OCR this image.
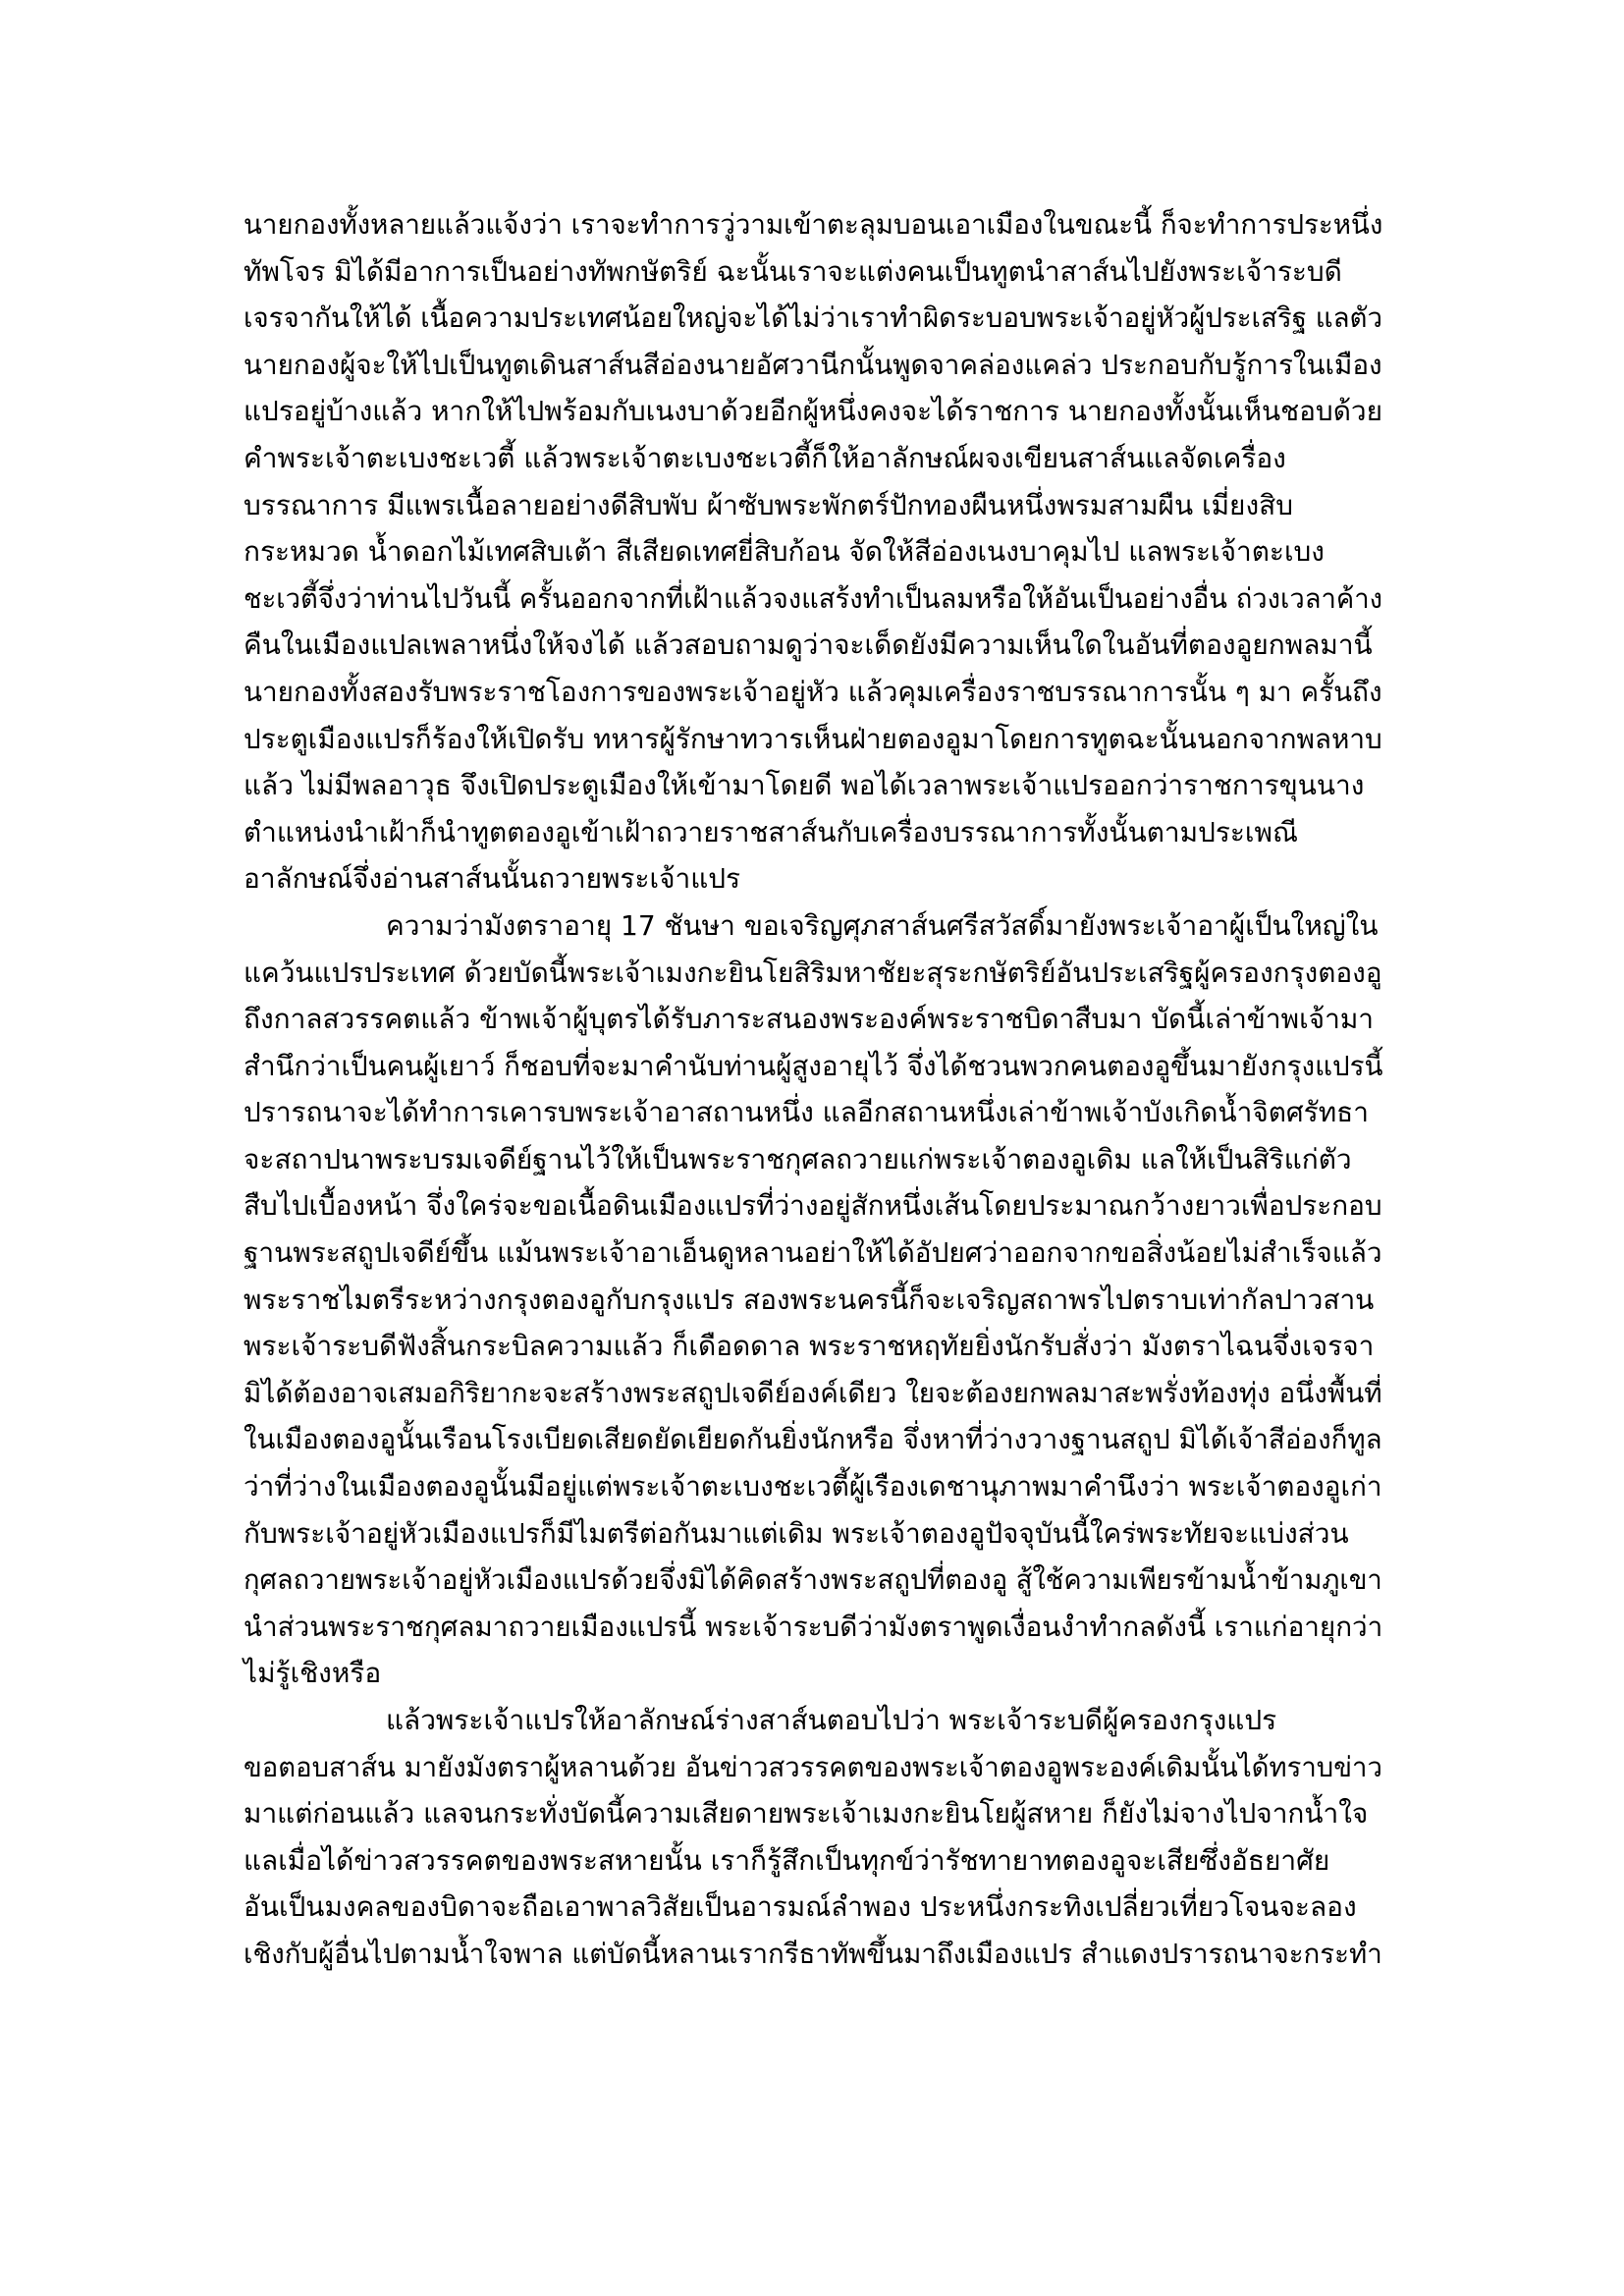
นายกองทั้งหลายแล้วแจ้งว่า เราจะทำการวู่วามเข้าตะลุมบอนเอาเมืองในขณะนี้ ก็จะทำการประหนึ่ง
ทัพโจร มิได้มีอาการเป็นอย่างทัพกษัตริย์ ฉะนั้นเราจะแต่งคนเป็นทูตนำสาส์นไปยังพระเจ้าระบดี
เจรจากันให้ได้ เนื้อความประเทศน้อยใหญ่จะได้ไม่ว่าเราทำผิดระบอบพระเจ้าอยู่หัวผู้ประเสริฐ แลตัว
นายกองผู้จะให้ไปเป็นทูตเดินสาส์นสีอ่องนายอัศวานีกนั้นพูดจาคล่องแคล่ว ประกอบกับรู้การในเมือง
แปรอยู่บ้างแล้ว หากให้ไปพร้อมกับเนงบาด้วยอีกผู้หนึ่งคงจะได้ราชการ นายกองทั้งนั้นเห็นชอบด้วย
คำพระเจ้าตะเบงชะเวตี้ แล้วพระเจ้าตะเบงชะเวตี้ก็ให้อาลักษณ์ผจงเขียนสาส์นแลจัดเครื่อง
บรรณาการ มีแพรเนื้อลายอย่างดีสิบพับ ผ้าซับพระพักตร์ปักทองผืนหนึ่งพรมสามผืน เมี่ยงสิบ
กระหมวด น้ำดอกไม้เทศสิบเต้า สีเสียดเทศยี่สิบก้อน จัดให้สีอ่องเนงบาคุมไป แลพระเจ้าตะเบง
ชะเวตี้จึ่งว่าท่านไปวันนี้ ครั้นออกจากที่เฝ้าแล้วจงแสร้งทำเป็นลมหรือให้อันเป็นอย่างอื่น ถ่วงเวลาค้าง
คืนในเมืองแปลเพลาหนึ่งให้จงได้ แล้วสอบถามดูว่าจะเด็ดยังมีความเห็นใดในอันที่ตองอูยกพลมานี้
นายกองทั้งสองรับพระราชโองการของพระเจ้าอยู่หัว แล้วคุมเครื่องราชบรรณาการนั้น ๆ มา ครั้นถึง
ประตูเมืองแปรก็ร้องให้เปิดรับ ทหารผู้รักษาทวารเห็นฝ่ายตองอูมาโดยการทูตฉะนั้นนอกจากพลหาบ
แล้ว ไม่มีพลอาวุธ จึงเปิดประตูเมืองให้เข้ามาโดยดี พอได้เวลาพระเจ้าแปรออกว่าราชการขุนนาง
ตำแหน่งนำเฝ้าก็นำทูตตองอูเข้าเฝ้าถวายราชสาส์นกับเครื่องบรรณาการทั้งนั้นตามประเพณี
อาลักษณ์จึ่งอ่านสาส์นนั้นถวายพระเจ้าแปร
ความว่ามังตราอายุ 17 ชันษา ขอเจริญศุภสาส์นศรีสวัสดิ์มายังพระเจ้าอาผู้เป็นใหญ่ใน
แคว้นแปรประเทศ ด้วยบัดนี้พระเจ้าเมงกะยินโยสิริมหาชัยะสุระกษัตริย์อันประเสริฐผู้ครองกรุงตองอู
ถึงกาลสวรรคตแล้ว ข้าพเจ้าผู้บุตรได้รับภาระสนองพระองค์พระราชบิดาสืบมา บัดนี้เล่าข้าพเจ้ามา
สำนึกว่าเป็นคนผู้เยาว์ ก็ชอบที่จะมาคำนับท่านผู้สูงอายุไว้ จึ่งได้ชวนพวกคนตองอูขึ้นมายังกรุงแปรนี้
ปรารถนาจะได้ทำการเคารบพระเจ้าอาสถานหนึ่ง แลอีกสถานหนึ่งเล่าข้าพเจ้าบังเกิดน้ำจิตศรัทธา
จะสถาปนาพระบรมเจดีย์ฐานไว้ให้เป็นพระราชกุศลถวายแก่พระเจ้าตองอูเดิม แลให้เป็นสิริแก่ตัว
สืบไปเบื้องหน้า จึ่งใคร่จะขอเนื้อดินเมืองแปรที่ว่างอยู่สักหนึ่งเส้นโดยประมาณกว้างยาวเพื่อประกอบ
ฐานพระสถูปเจดีย์ขึ้น แม้นพระเจ้าอาเอ็นดูหลานอย่าให้ได้อัปยศว่าออกจากขอสิ่งน้อยไม่สำเร็จแล้ว
พระราชไมตรีระหว่างกรุงตองอูกับกรุงแปร สองพระนครนี้ก็จะเจริญสถาพรไปตราบเท่ากัลปาวสาน
พระเจ้าระบดีฟังสิ้นกระบิลความแล้ว ก็เดือดดาล พระราชหฤทัยยิ่งนักรับสั่งว่า มังตราไฉนจึ่งเจรจา
มิได้ต้องอาจเสมอกิริยากะจะสร้างพระสถูปเจดีย์องค์เดียว ใยจะต้องยกพลมาสะพรั่งท้องทุ่ง อนึ่งพื้นที่
ในเมืองตองอูนั้นเรือนโรงเบียดเสียดยัดเยียดกันยิ่งนักหรือ จึ่งหาที่ว่างวางฐานสถูป มิได้เจ้าสีอ่องก็ทูล
ว่าที่ว่างในเมืองตองอูนั้นมีอยู่แต่พระเจ้าตะเบงชะเวตี้ผู้เรืองเดชานุภาพมาคำนึงว่า พระเจ้าตองอูเก่า
กับพระเจ้าอยู่หัวเมืองแปรก็มีไมตรีต่อกันมาแต่เดิม พระเจ้าตองอูปัจจุบันนี้ใคร่พระทัยจะแบ่งส่วน
กุศลถวายพระเจ้าอยู่หัวเมืองแปรด้วยจึ่งมิได้คิดสร้างพระสถูปที่ตองอู สู้ใช้ความเพียรข้ามน้ำข้ามภูเขา
นำส่วนพระราชกุศลมาถวายเมืองแปรนี้ พระเจ้าระบดีว่ามังตราพูดเงื่อนงำทำกลดังนี้ เราแก่อายุกว่า
ไม่รู้เชิงหรือ
แล้วพระเจ้าแปรให้อาลักษณ์ร่างสาส์นตอบไปว่า พระเจ้าระบดีผู้ครองกรุงแปร
ขอตอบสาส์น มายังมังตราผู้หลานด้วย อันข่าวสวรรคตของพระเจ้าตองอูพระองค์เดิมนั้นได้ทราบข่าว
มาแต่ก่อนแล้ว แลจนกระทั่งบัดนี้ความเสียดายพระเจ้าเมงกะยินโยผู้สหาย ก็ยังไม่จางไปจากน้ำใจ
แลเมื่อได้ข่าวสวรรคตของพระสหายนั้น เราก็รู้สึกเป็นทุกข์ว่ารัชทายาทตองอูจะเสียซึ่งอัธยาศัย
อันเป็นมงคลของบิดาจะถือเอาพาลวิสัยเป็นอารมณ์ลำพอง ประหนึ่งกระทิงเปลี่ยวเที่ยวโจนจะลอง
เชิงกับผู้อื่นไปตามน้ำใจพาล แต่บัดนี้หลานเรากรีธาทัพขึ้นมาถึงเมืองแปร สำแดงปรารถนาจะกระทำ
